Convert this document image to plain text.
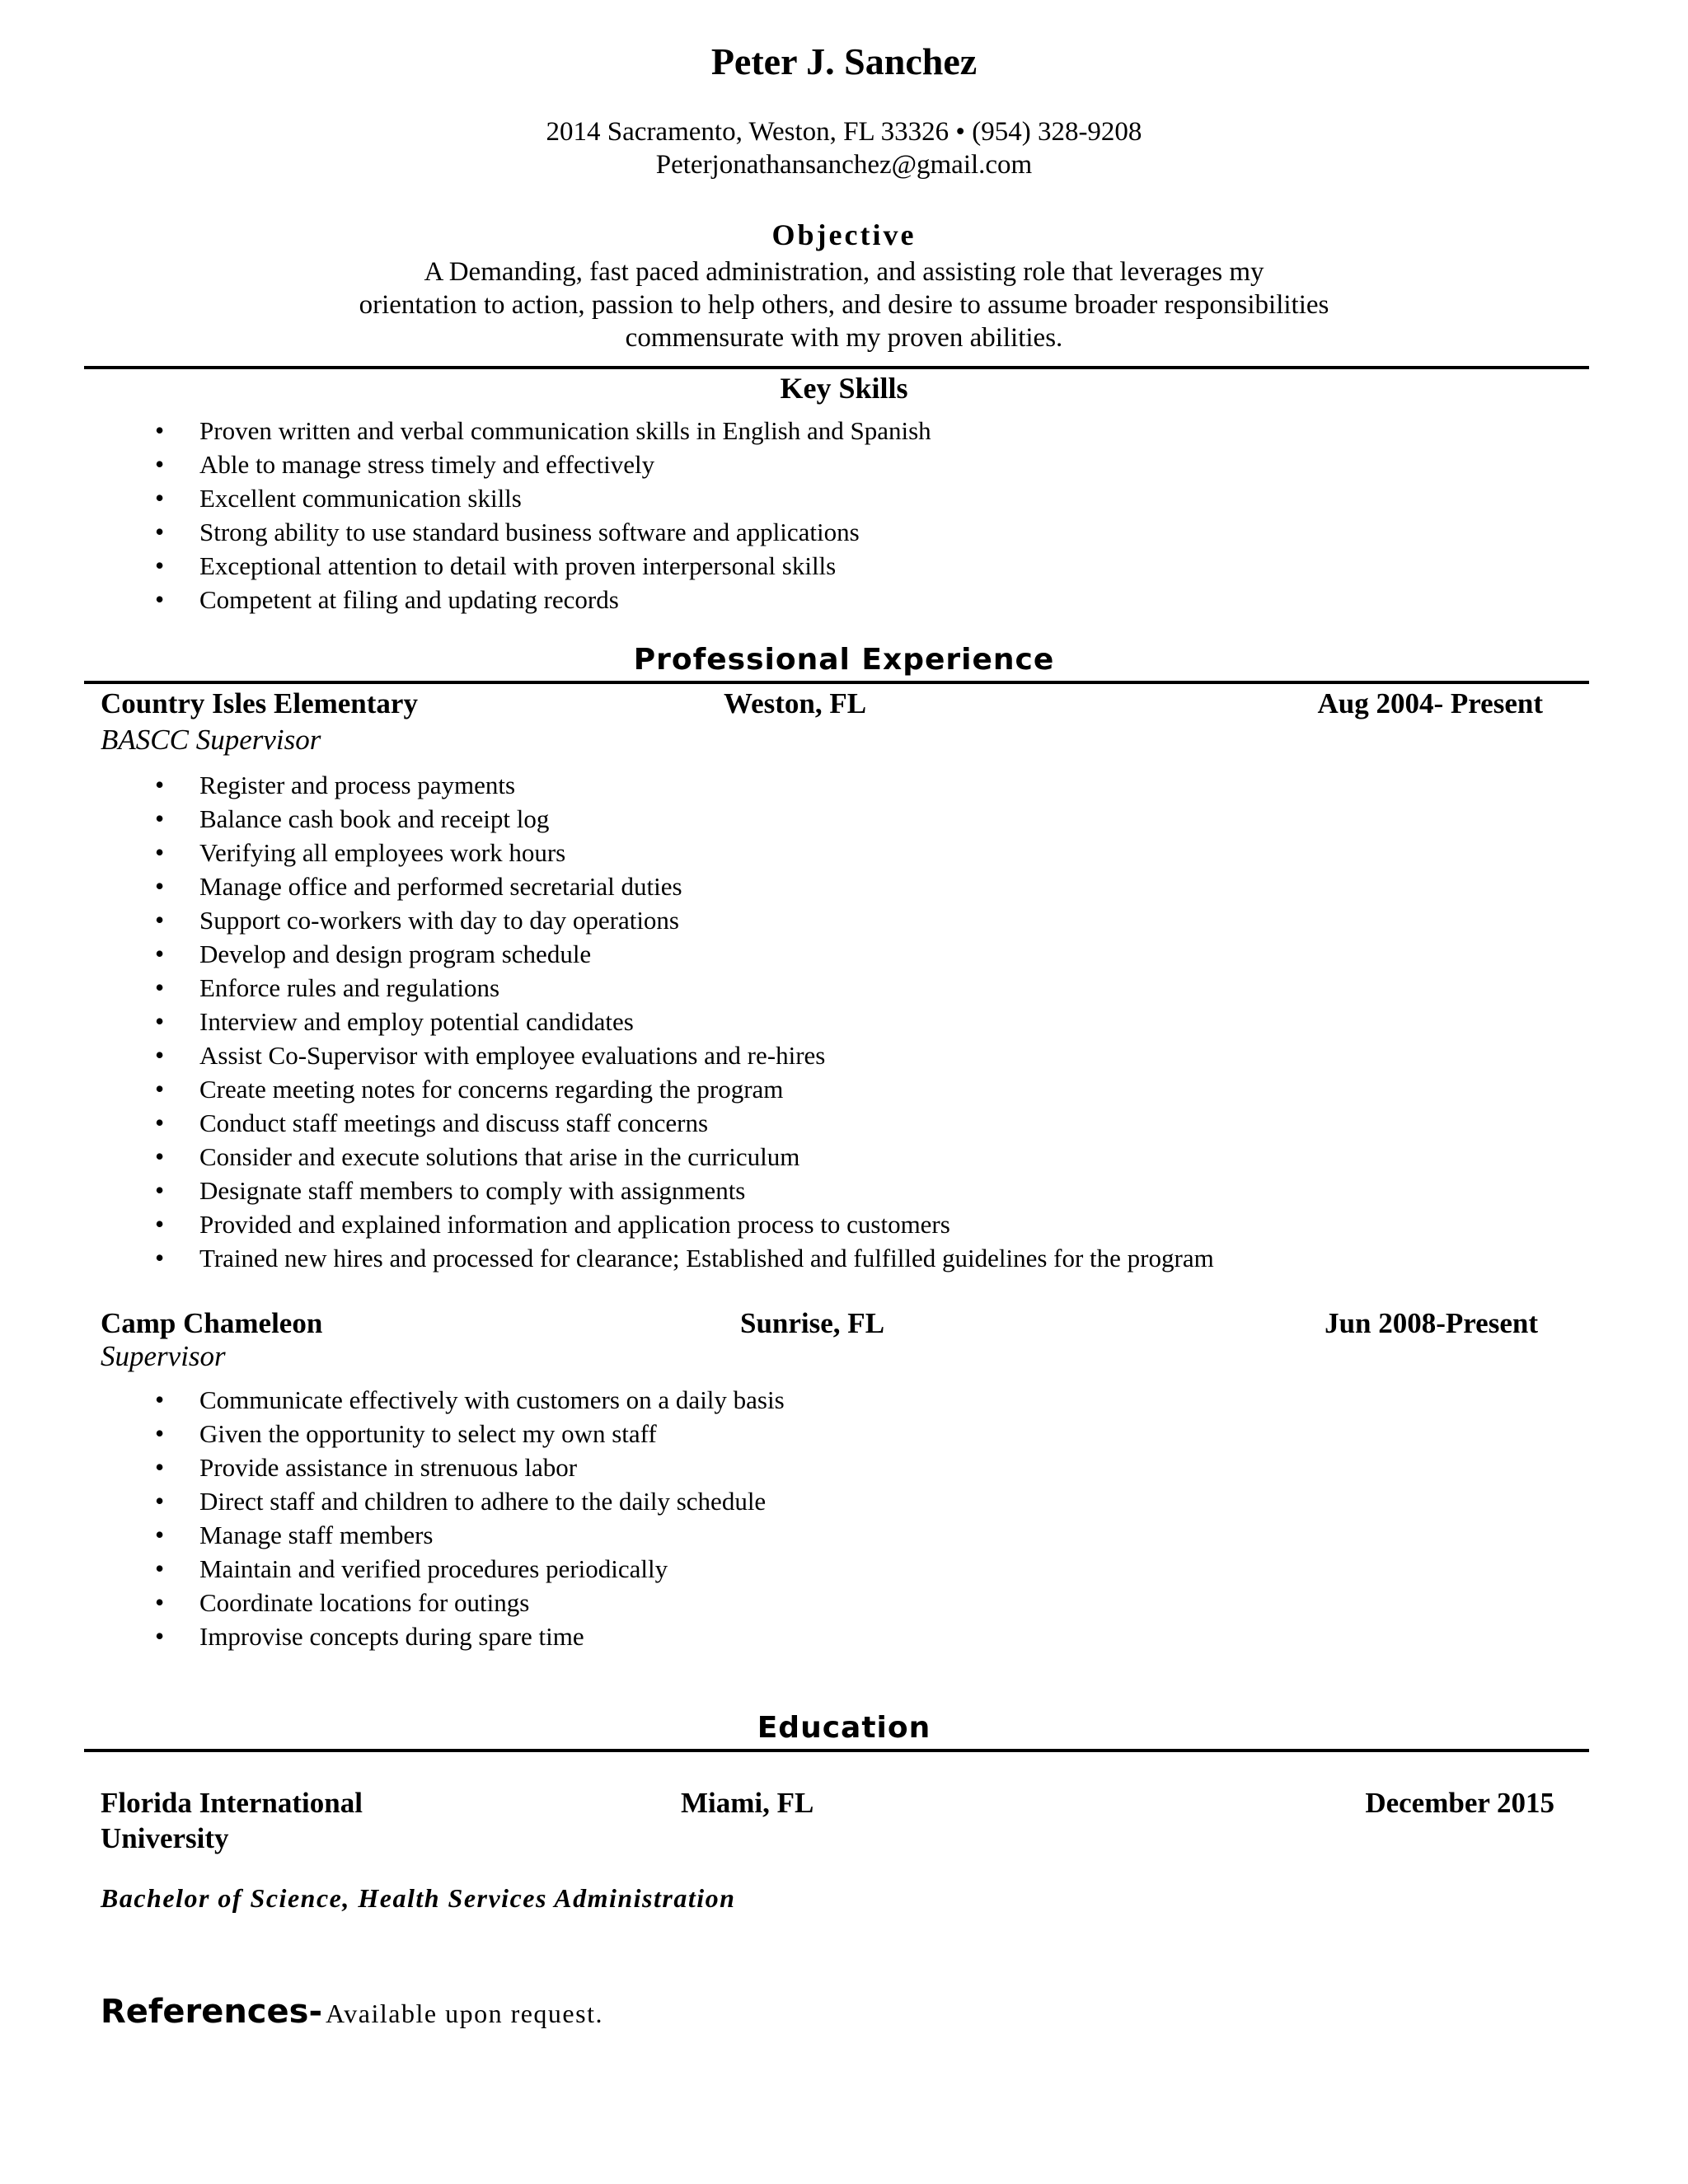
Peter J. Sanchez
2014 Sacramento, Weston, FL 33326 • (954) 328-9208
Peterjonathansanchez@gmail.com
Objective
A Demanding, fast paced administration, and assisting role that leverages my
orientation to action, passion to help others, and desire to assume broader responsibilities
commensurate with my proven abilities.
Key Skills
• Proven written and verbal communication skills in English and Spanish
• Able to manage stress timely and effectively
• Excellent communication skills
• Strong ability to use standard business software and applications
• Exceptional attention to detail with proven interpersonal skills
• Competent at filing and updating records
Professional Experience
Country Isles Elementary	Weston, FL	Aug 2004- Present
BASCC Supervisor
• Register and process payments
• Balance cash book and receipt log
• Verifying all employees work hours
• Manage office and performed secretarial duties
• Support co-workers with day to day operations
• Develop and design program schedule
• Enforce rules and regulations
• Interview and employ potential candidates
• Assist Co-Supervisor with employee evaluations and re-hires
• Create meeting notes for concerns regarding the program
• Conduct staff meetings and discuss staff concerns
• Consider and execute solutions that arise in the curriculum
• Designate staff members to comply with assignments
• Provided and explained information and application process to customers
• Trained new hires and processed for clearance; Established and fulfilled guidelines for the program
Camp Chameleon	Sunrise, FL	Jun 2008-Present
Supervisor
• Communicate effectively with customers on a daily basis
• Given the opportunity to select my own staff
• Provide assistance in strenuous labor
• Direct staff and children to adhere to the daily schedule
• Manage staff members
• Maintain and verified procedures periodically
• Coordinate locations for outings
• Improvise concepts during spare time
Education
Florida International	Miami, FL	December 2015
University
Bachelor of Science, Health Services Administration
References- Available upon request.
